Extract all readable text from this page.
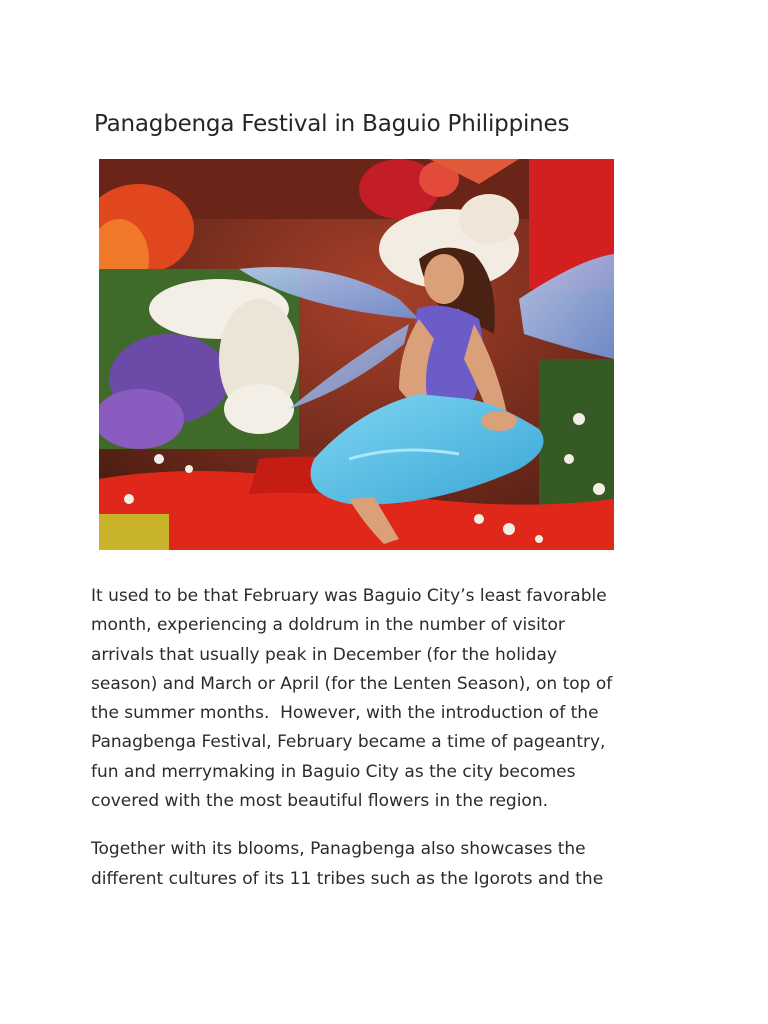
Panagbenga Festival in Baguio Philippines

It used to be that February was Baguio City’s least favorable
month, experiencing a doldrum in the number of visitor
arrivals that usually peak in December (for the holiday
season) and March or April (for the Lenten Season), on top of
the summer months.  However, with the introduction of the
Panagbenga Festival, February became a time of pageantry,
fun and merrymaking in Baguio City as the city becomes
covered with the most beautiful flowers in the region.

Together with its blooms, Panagbenga also showcases the
different cultures of its 11 tribes such as the Igorots and the
